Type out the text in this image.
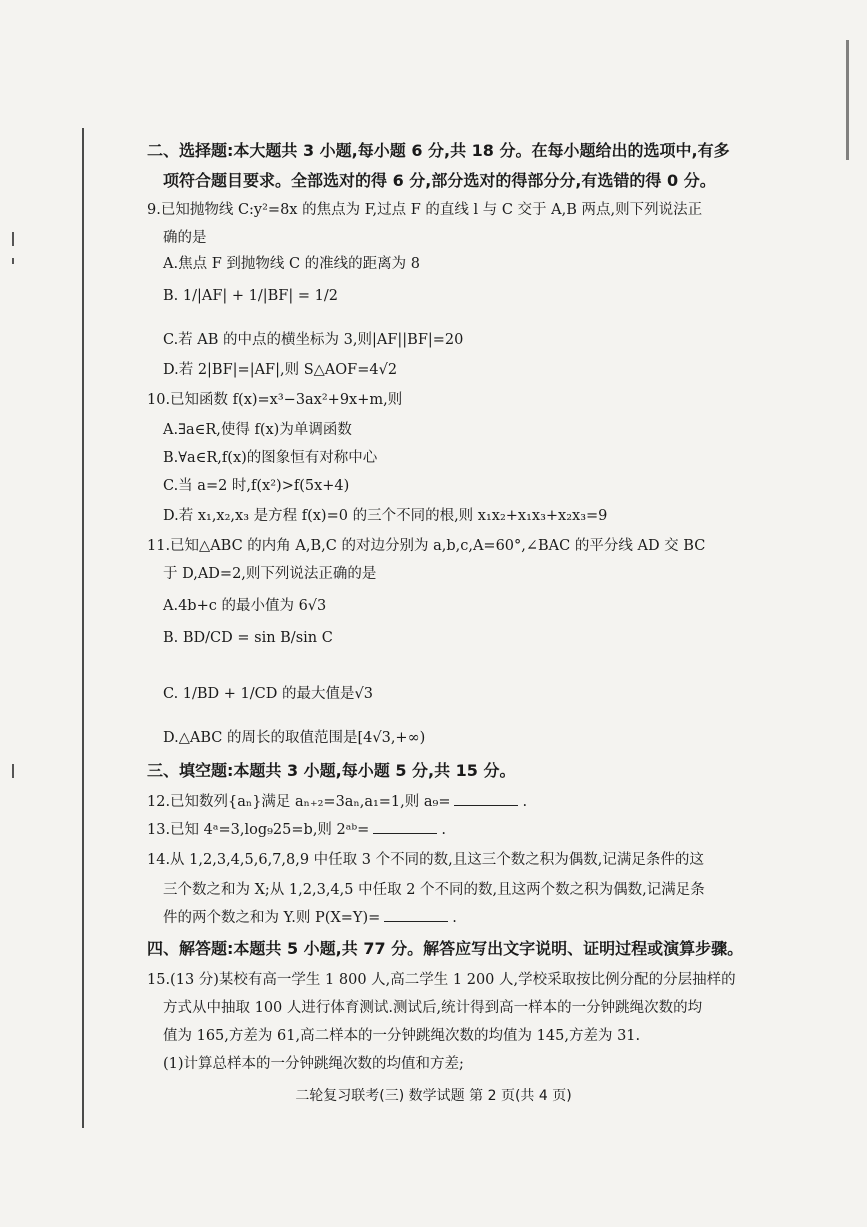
二、选择题:本大题共 3 小题,每小题 6 分,共 18 分。在每小题给出的选项中,有多
项符合题目要求。全部选对的得 6 分,部分选对的得部分分,有选错的得 0 分。
9.已知抛物线 C:y²=8x 的焦点为 F,过点 F 的直线 l 与 C 交于 A,B 两点,则下列说法正
确的是
A.焦点 F 到抛物线 C 的准线的距离为 8
B. 1/|AF| + 1/|BF| = 1/2
C.若 AB 的中点的横坐标为 3,则|AF||BF|=20
D.若 2|BF|=|AF|,则 S△AOF=4√2
10.已知函数 f(x)=x³−3ax²+9x+m,则
A.∃a∈R,使得 f(x)为单调函数
B.∀a∈R,f(x)的图象恒有对称中心
C.当 a=2 时,f(x²)>f(5x+4)
D.若 x₁,x₂,x₃ 是方程 f(x)=0 的三个不同的根,则 x₁x₂+x₁x₃+x₂x₃=9
11.已知△ABC 的内角 A,B,C 的对边分别为 a,b,c,A=60°,∠BAC 的平分线 AD 交 BC
于 D,AD=2,则下列说法正确的是
A.4b+c 的最小值为 6√3
B. BD/CD = sin B/sin C
C. 1/BD + 1/CD 的最大值是√3
D.△ABC 的周长的取值范围是[4√3,+∞)
三、填空题:本题共 3 小题,每小题 5 分,共 15 分。
12.已知数列{aₙ}满足 aₙ₊₂=3aₙ,a₁=1,则 a₉=	.
13.已知 4ᵃ=3,log₉25=b,则 2ᵃᵇ=	.
14.从 1,2,3,4,5,6,7,8,9 中任取 3 个不同的数,且这三个数之积为偶数,记满足条件的这
三个数之和为 X;从 1,2,3,4,5 中任取 2 个不同的数,且这两个数之积为偶数,记满足条
件的两个数之和为 Y.则 P(X=Y)=	.
四、解答题:本题共 5 小题,共 77 分。解答应写出文字说明、证明过程或演算步骤。
15.(13 分)某校有高一学生 1 800 人,高二学生 1 200 人,学校采取按比例分配的分层抽样的
方式从中抽取 100 人进行体育测试.测试后,统计得到高一样本的一分钟跳绳次数的均
值为 165,方差为 61,高二样本的一分钟跳绳次数的均值为 145,方差为 31.
(1)计算总样本的一分钟跳绳次数的均值和方差;
二轮复习联考(三) 数学试题 第 2 页(共 4 页)
